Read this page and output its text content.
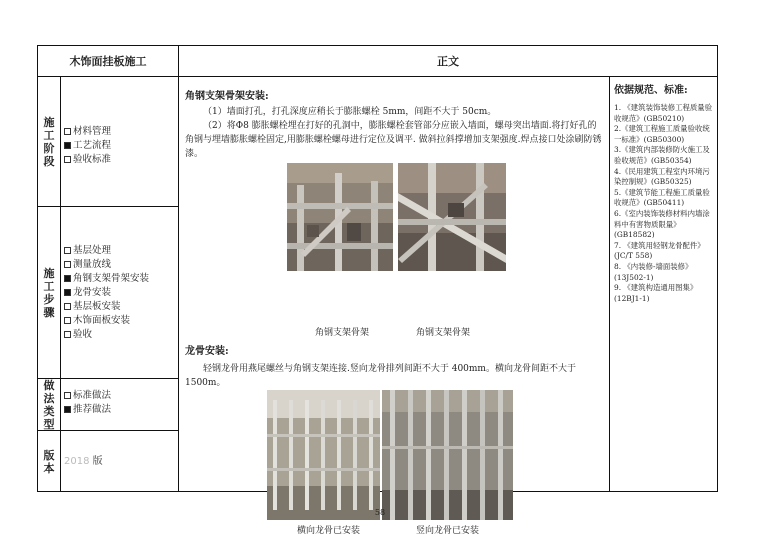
木饰面挂板施工	正文
施
工
阶
段
材料管理
工艺流程
验收标准
施
工
步
骤
基层处理
测量放线
角钢支架骨架安装
龙骨安装
基层板安装
木饰面板安装
验收
做
法
类
型
标准做法
推荐做法
版
本 2018 版
角钢支架骨架安装:
（1）墙面打孔，打孔深度应稍长于膨胀螺栓 5mm，间距不大于 50cm。
（2）将Φ8 膨胀螺栓埋在打好的孔洞中，膨胀螺栓套管部分应嵌入墙面，螺母突出墙面.将打好孔的角钢与埋墙膨胀螺栓固定,用膨胀螺栓螺母进行定位及调平. 做斜拉斜撑增加支架强度.焊点接口处涂刷防锈漆。
角钢支架骨架	角钢支架骨架
龙骨安装:
轻钢龙骨用燕尾螺丝与角钢支架连接.竖向龙骨排列间距不大于 400mm。横向龙骨间距不大于1500m。
横向龙骨已安装	竖向龙骨已安装
依据规范、标准:
1. 《建筑装饰装修工程质量验收规范》(GB50210)
2.《建筑工程施工质量验收统一标准》(GB50300)
3.《建筑内部装修防火施工及验收规范》(GB50354)
4.《民用建筑工程室内环境污染控制规》(GB50325)
5.《建筑节能工程施工质量验收规范》(GB50411)
6.《室内装饰装修材料内墙涂料中有害物质限量》(GB18582)
7. 《建筑用轻钢龙骨配件》(JC/T 558)
8. 《内装修-墙面装修》(13J502-1)
9. 《建筑构造通用图集》(12BJ1-1)
58
